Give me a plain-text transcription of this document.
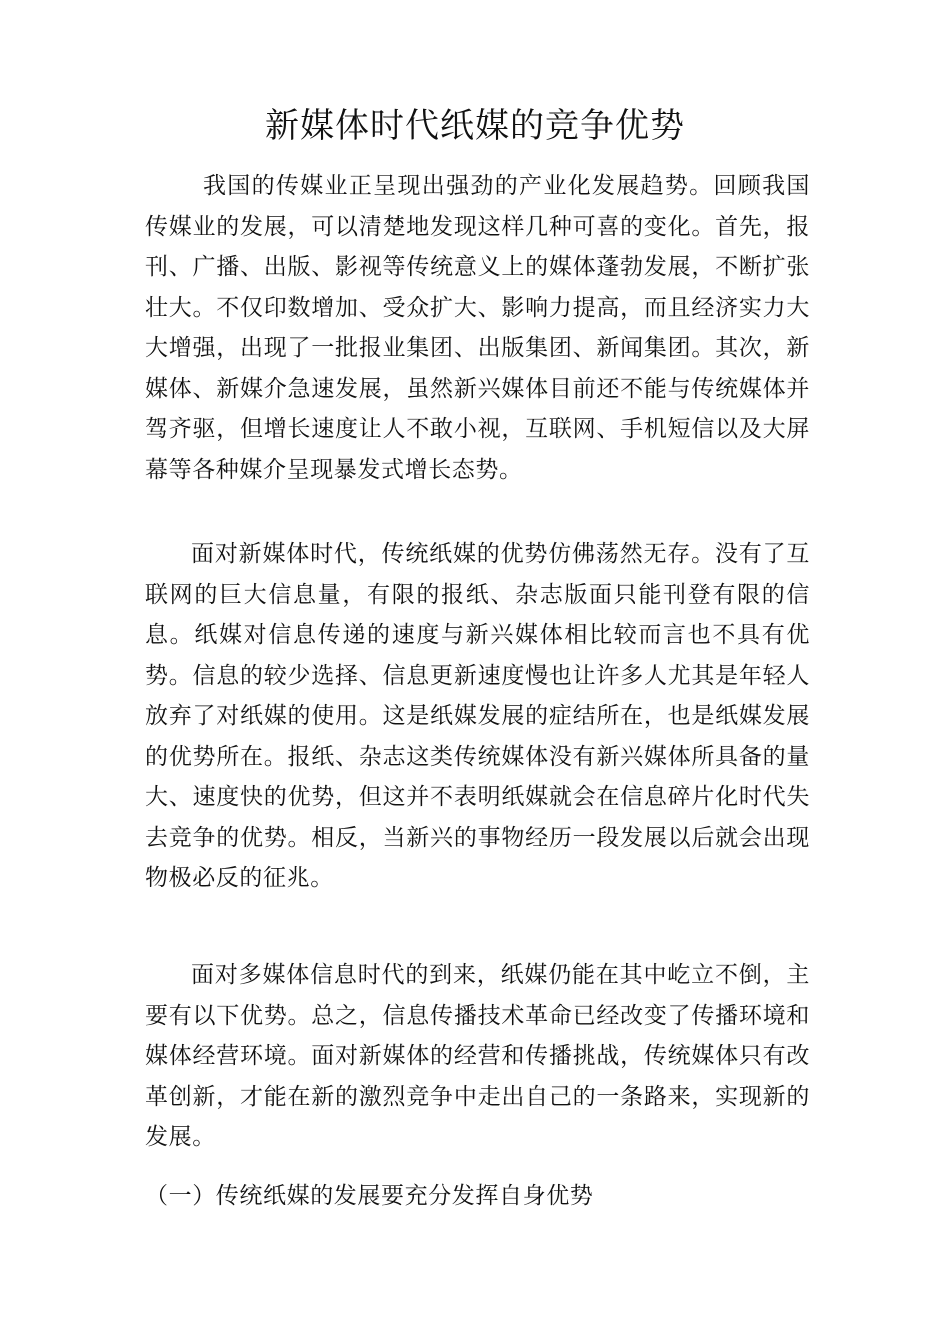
新媒体时代纸媒的竞争优势

我国的传媒业正呈现出强劲的产业化发展趋势。回顾我国传媒业的发展，可以清楚地发现这样几种可喜的变化。首先，报刊、广播、出版、影视等传统意义上的媒体蓬勃发展，不断扩张壮大。不仅印数增加、受众扩大、影响力提高，而且经济实力大大增强，出现了一批报业集团、出版集团、新闻集团。其次，新媒体、新媒介急速发展，虽然新兴媒体目前还不能与传统媒体并驾齐驱，但增长速度让人不敢小视，互联网、手机短信以及大屏幕等各种媒介呈现暴发式增长态势。

面对新媒体时代，传统纸媒的优势仿佛荡然无存。没有了互联网的巨大信息量，有限的报纸、杂志版面只能刊登有限的信息。纸媒对信息传递的速度与新兴媒体相比较而言也不具有优势。信息的较少选择、信息更新速度慢也让许多人尤其是年轻人放弃了对纸媒的使用。这是纸媒发展的症结所在，也是纸媒发展的优势所在。报纸、杂志这类传统媒体没有新兴媒体所具备的量大、速度快的优势，但这并不表明纸媒就会在信息碎片化时代失去竞争的优势。相反，当新兴的事物经历一段发展以后就会出现物极必反的征兆。

面对多媒体信息时代的到来，纸媒仍能在其中屹立不倒，主要有以下优势。总之，信息传播技术革命已经改变了传播环境和媒体经营环境。面对新媒体的经营和传播挑战，传统媒体只有改革创新，才能在新的激烈竞争中走出自己的一条路来，实现新的发展。

（一）传统纸媒的发展要充分发挥自身优势
